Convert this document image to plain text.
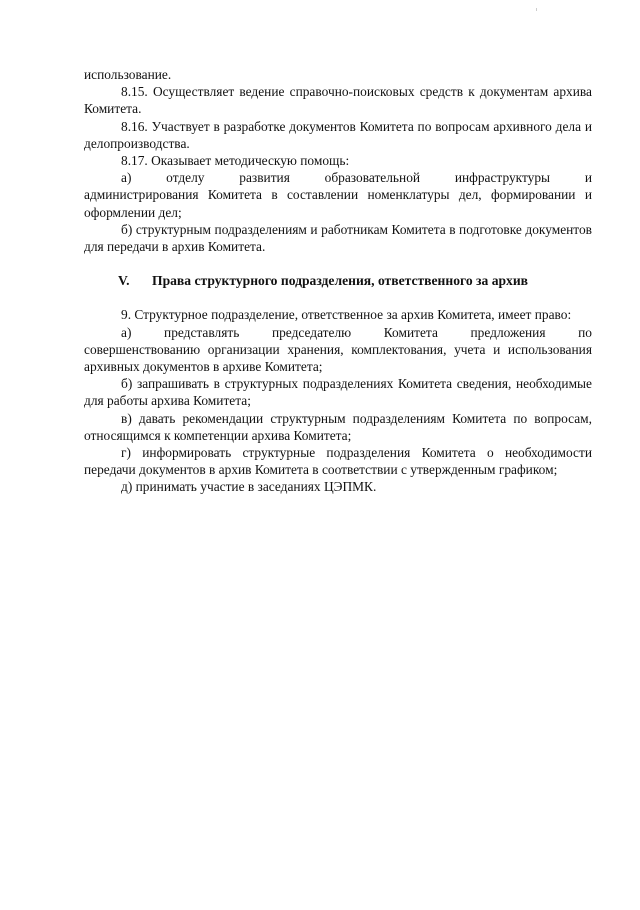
использование.

8.15. Осуществляет ведение справочно-поисковых средств к документам архива Комитета.

8.16. Участвует в разработке документов Комитета по вопросам архивного дела и делопроизводства.

8.17. Оказывает методическую помощь:

а) отделу развития образовательной инфраструктуры и

администрирования Комитета в составлении номенклатуры дел, формировании и оформлении дел;

б) структурным подразделениям и работникам Комитета в подготовке документов для передачи в архив Комитета.

V.	Права структурного подразделения, ответственного за архив

9. Структурное подразделение, ответственное за архив Комитета, имеет право:

а) представлять председателю Комитета предложения по

совершенствованию организации хранения, комплектования, учета и использования архивных документов в архиве Комитета;

б) запрашивать в структурных подразделениях Комитета сведения, необходимые для работы архива Комитета;

в) давать рекомендации структурным подразделениям Комитета по вопросам, относящимся к компетенции архива Комитета;

г) информировать структурные подразделения Комитета о необходимости передачи документов в архив Комитета в соответствии с утвержденным графиком;

д) принимать участие в заседаниях ЦЭПМК.
